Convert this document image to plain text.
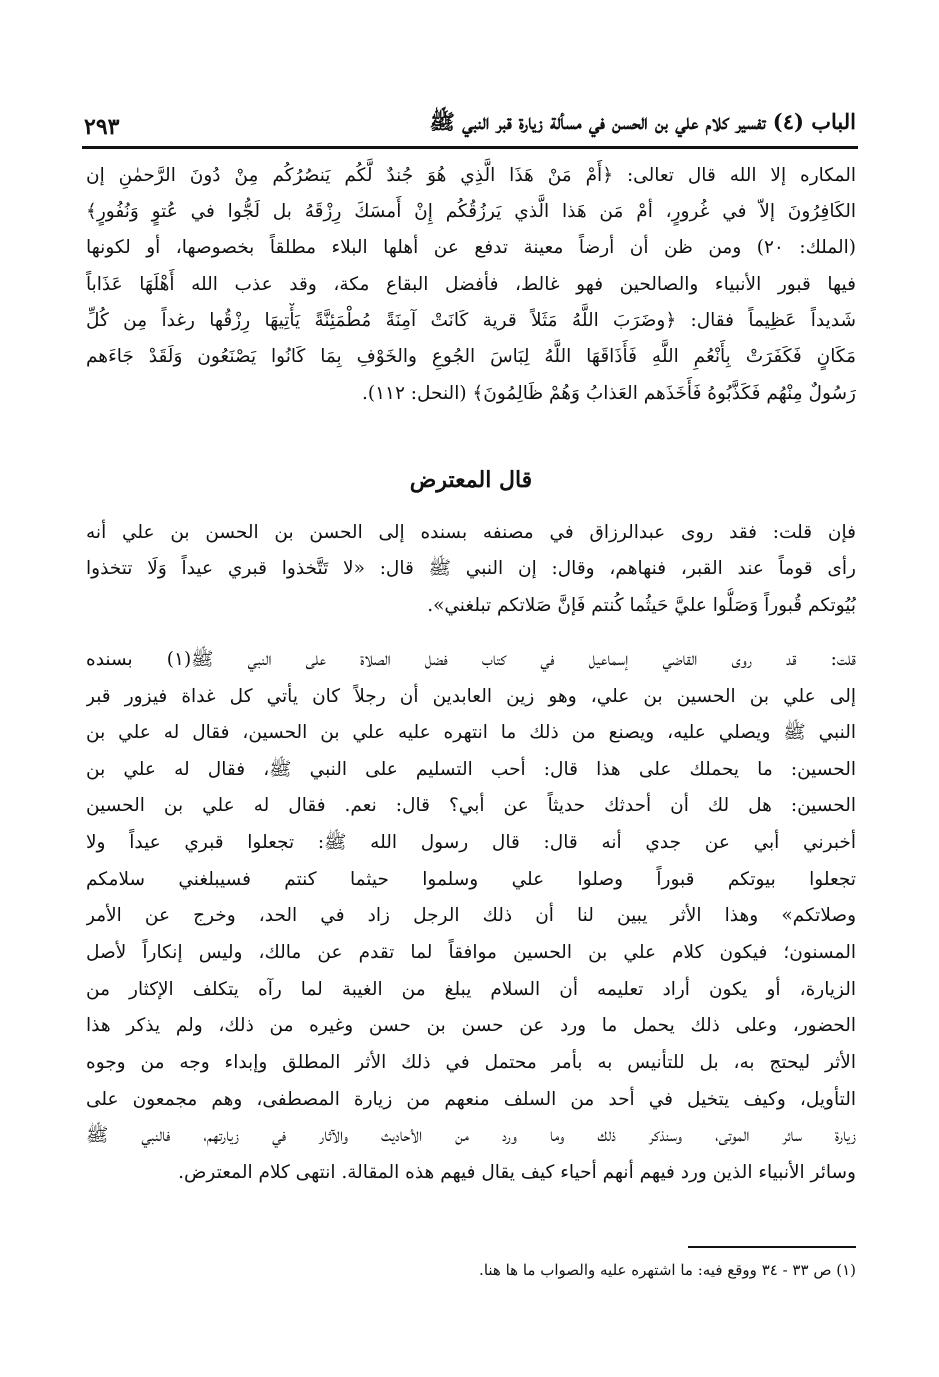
الباب (٤) تفسير كلام علي بن الحسن في مسألة زيارة قبر النبي ﷺ
٢٩٣
المكاره إلا الله قال تعالى: ﴿أَمْ مَنْ هَذَا الَّذِي هُوَ جُندٌ لَّكُم يَنصُرُكُم مِنْ دُونَ الرَّحمٰنِ إن
الكَافِرُونَ إلاّ في غُرورٍ، أمْ مَن هَذا الَّذي يَرزُقُكُم إِنْ أَمسَكَ رِزْقَهُ بل لَجُّوا في عُتوٍ وَنُفُورٍ﴾
(الملك: ٢٠) ومن ظن أن أرضاً معينة تدفع عن أهلها البلاء مطلقاً بخصوصها، أو لكونها
فيها قبور الأنبياء والصالحين فهو غالط، فأفضل البقاع مكة، وقد عذب الله أَهْلَهَا عَذَاباً
شَديداً عَظِيماً فقال: ﴿وضَرَبَ اللَّهُ مَثَلاً قرية كَانَتْ آمِنَةً مُطْمَئِنَّةً يَأْتِيهَا رِزْقُها رغداً مِن كُلِّ
مَكَانٍ فَكَفَرَتْ بِأَنْعُمِ اللَّهِ فَأَذَاقَهَا اللَّهُ لِبَاسَ الجُوعِ والخَوْفِ بِمَا كَانُوا يَصْنَعُون وَلَقَدْ جَاءَهم
رَسُولٌ مِنْهُم فَكَذَّبُوهُ فَأَخَذَهم العَذابُ وَهُمْ ظَالِمُونَ﴾ (النحل: ١١٢).
قال المعترض
فإن قلت: فقد روى عبدالرزاق في مصنفه بسنده إلى الحسن بن الحسن بن علي أنه
رأى قوماً عند القبر، فنهاهم، وقال: إن النبي ﷺ قال: «لا تَتَّخذوا قبري عيداً وَلَا تتخذوا
بُيُوتكم قُبوراً وَصَلُّوا عليَّ حَيثُما كُنتم فَإنَّ صَلاتكم تبلغني».
قلت: قد روى القاضي إسماعيل في كتاب فضل الصلاة على النبي ﷺ(١) بسنده
إلى علي بن الحسين بن علي، وهو زين العابدين أن رجلاً كان يأتي كل غداة فيزور قبر
النبي ﷺ ويصلي عليه، ويصنع من ذلك ما انتهره عليه علي بن الحسين، فقال له علي بن
الحسين: ما يحملك على هذا قال: أحب التسليم على النبي ﷺ، فقال له علي بن
الحسين: هل لك أن أحدثك حديثاً عن أبي؟ قال: نعم. فقال له علي بن الحسين
أخبرني أبي عن جدي أنه قال: قال رسول الله ﷺ: تجعلوا قبري عيداً ولا
تجعلوا بيوتكم قبوراً وصلوا علي وسلموا حيثما كنتم فسيبلغني سلامكم
وصلاتكم» وهذا الأثر يبين لنا أن ذلك الرجل زاد في الحد، وخرج عن الأمر
المسنون؛ فيكون كلام علي بن الحسين موافقاً لما تقدم عن مالك، وليس إنكاراً لأصل
الزيارة، أو يكون أراد تعليمه أن السلام يبلغ من الغيبة لما رآه يتكلف الإكثار من
الحضور، وعلى ذلك يحمل ما ورد عن حسن بن حسن وغيره من ذلك، ولم يذكر هذا
الأثر ليحتج به، بل للتأنيس به بأمر محتمل في ذلك الأثر المطلق وإبداء وجه من وجوه
التأويل، وكيف يتخيل في أحد من السلف منعهم من زيارة المصطفى، وهم مجمعون على
زيارة سائر الموتى، وسنذكر ذلك وما ورد من الأحاديث والآثار في زيارتهم، فالنبي ﷺ
وسائر الأنبياء الذين ورد فيهم أنهم أحياء كيف يقال فيهم هذه المقالة. انتهى كلام المعترض.
(١) ص ٣٣ - ٣٤ ووقع فيه: ما اشتهره عليه والصواب ما ها هنا.
